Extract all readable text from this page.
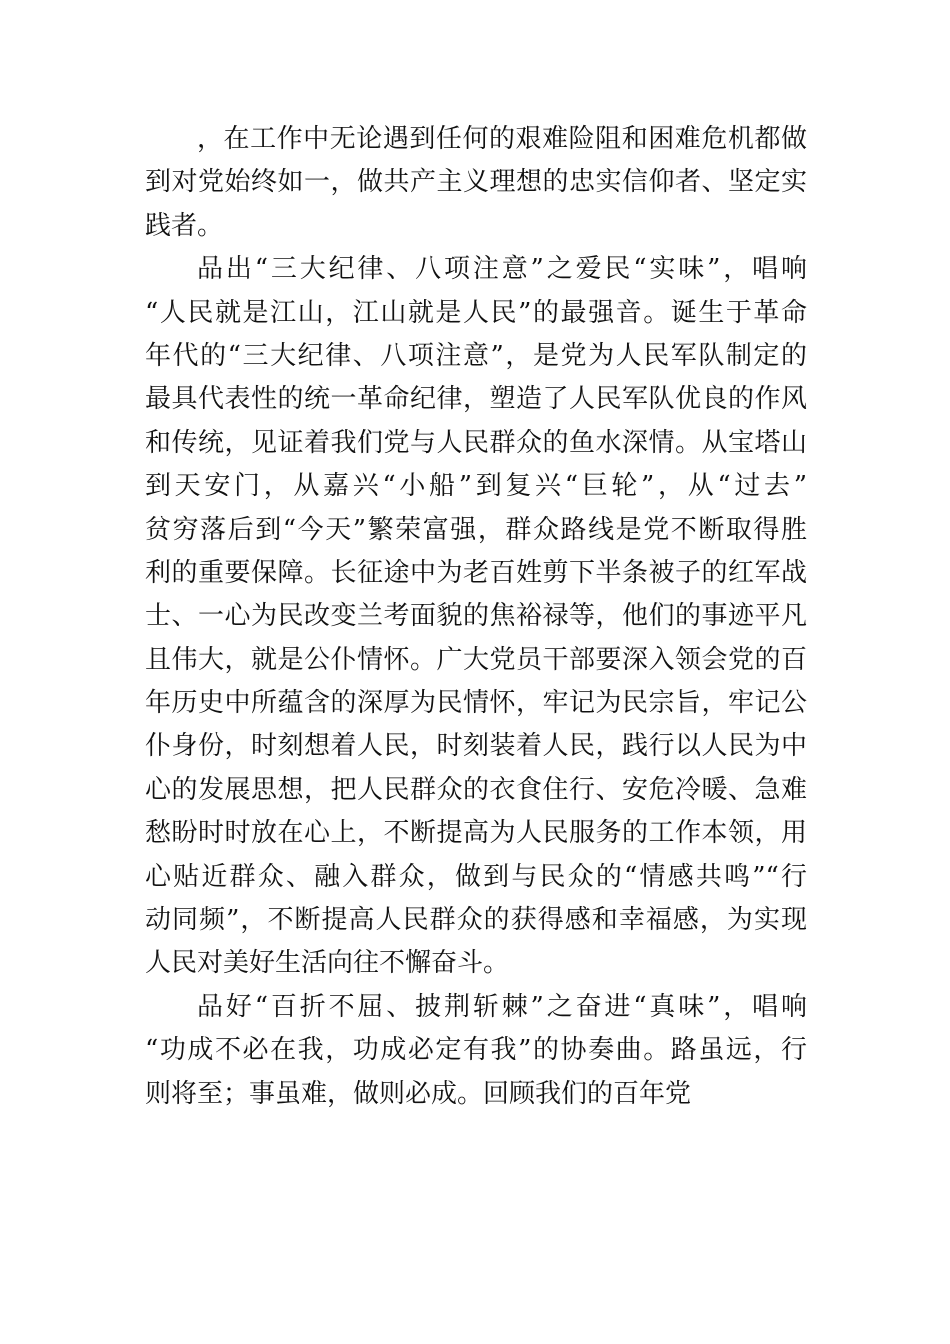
，在工作中无论遇到任何的艰难险阻和困难危机都做
到对党始终如一，做共产主义理想的忠实信仰者、坚定实
践者。
品出“三大纪律、八项注意”之爱民“实味”，唱响
“人民就是江山，江山就是人民”的最强音。诞生于革命
年代的“三大纪律、八项注意”，是党为人民军队制定的
最具代表性的统一革命纪律，塑造了人民军队优良的作风
和传统，见证着我们党与人民群众的鱼水深情。从宝塔山
到天安门，从嘉兴“小船”到复兴“巨轮”，从“过去”
贫穷落后到“今天”繁荣富强，群众路线是党不断取得胜
利的重要保障。长征途中为老百姓剪下半条被子的红军战
士、一心为民改变兰考面貌的焦裕禄等，他们的事迹平凡
且伟大，就是公仆情怀。广大党员干部要深入领会党的百
年历史中所蕴含的深厚为民情怀，牢记为民宗旨，牢记公
仆身份，时刻想着人民，时刻装着人民，践行以人民为中
心的发展思想，把人民群众的衣食住行、安危冷暖、急难
愁盼时时放在心上，不断提高为人民服务的工作本领，用
心贴近群众、融入群众，做到与民众的“情感共鸣”“行
动同频”，不断提高人民群众的获得感和幸福感，为实现
人民对美好生活向往不懈奋斗。
品好“百折不屈、披荆斩棘”之奋进“真味”，唱响
“功成不必在我，功成必定有我”的协奏曲。路虽远，行
则将至；事虽难，做则必成。回顾我们的百年党
